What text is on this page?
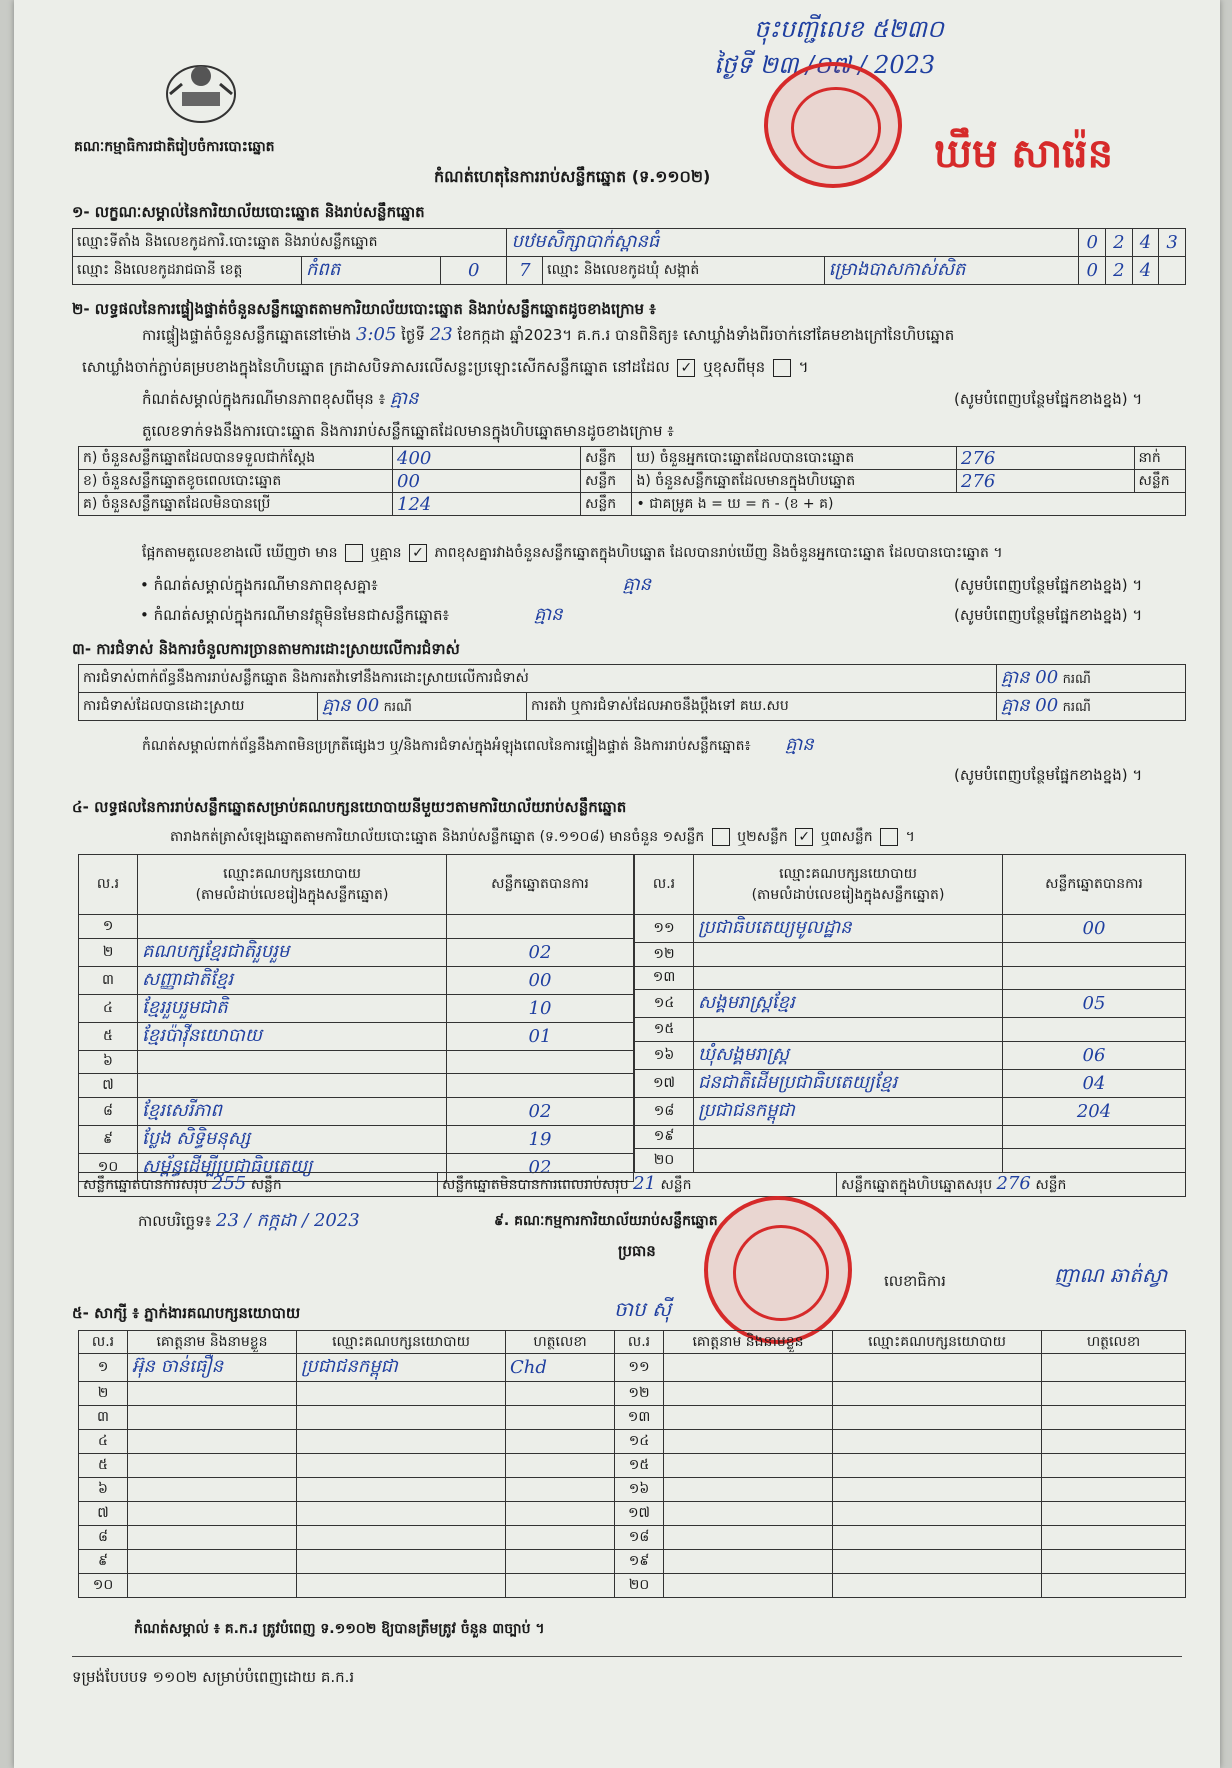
គណៈកម្មាធិការជាតិរៀបចំការបោះឆ្នោត
ចុះបញ្ជីលេខ ៥២៣០
ថ្ងៃទី ២៣ /០៧ / 2023
ឃឹម សារ៉េន
កំណត់ហេតុនៃការរាប់សន្លឹកឆ្នោត (ទ.១១០២)
១- លក្ខណៈសម្គាល់នៃការិយាល័យបោះឆ្នោត និងរាប់សន្លឹកឆ្នោត
ឈ្មោះទីតាំង និងលេខកូដការិ.បោះឆ្នោត និងរាប់សន្លឹកឆ្នោត			បឋមសិក្សាបាក់ស្ពានធំ			0	2	4	3
ឈ្មោះ និងលេខកូដរាជធានី ខេត្ត	កំពត	0	7	ឈ្មោះ និងលេខកូដឃុំ សង្កាត់	ម្រោងបាសកាស់សិត	0	2	4	
២- លទ្ធផលនៃការផ្ទៀងផ្ទាត់ចំនួនសន្លឹកឆ្នោតតាមការិយាល័យបោះឆ្នោត និងរាប់សន្លឹកឆ្នោតដូចខាងក្រោម ៖
ការផ្ទៀងផ្ទាត់ចំនួនសន្លឹកឆ្នោតនៅម៉ោង 3:05 ថ្ងៃទី 23 ខែកក្កដា ឆ្នាំ2023។ គ.ក.រ បានពិនិត្យ៖ សោឃ្លាំងទាំងពីរចាក់នៅគែមខាងក្រៅនៃហិបឆ្នោត
សោឃ្លាំងចាក់ភ្ជាប់គម្របខាងក្នុងនៃហិបឆ្នោត ក្រដាសបិទភាសរលើសន្លះប្រឡោះសើកសន្លឹកឆ្នោត នៅដដែល ✓ ឬខុសពីមុន  ។
កំណត់សម្គាល់ក្នុងករណីមានភាពខុសពីមុន ៖ គ្មាន	(សូមបំពេញបន្ថែមផ្នែកខាងខ្នង) ។
តួលេខទាក់ទងនឹងការបោះឆ្នោត និងការរាប់សន្លឹកឆ្នោតដែលមានក្នុងហិបឆ្នោតមានដូចខាងក្រោម ៖
ក) ចំនួនសន្លឹកឆ្នោតដែលបានទទួលជាក់ស្តែង	400	សន្លឹក	ឃ) ចំនួនអ្នកបោះឆ្នោតដែលបានបោះឆ្នោត	276	នាក់
ខ) ចំនួនសន្លឹកឆ្នោតខូចពេលបោះឆ្នោត	00	សន្លឹក	ង) ចំនួនសន្លឹកឆ្នោតដែលមានក្នុងហិបឆ្នោត	276	សន្លឹក
គ) ចំនួនសន្លឹកឆ្នោតដែលមិនបានប្រើ	124	សន្លឹក	• ជាគម្រូគ ង = ឃ = ក - (ខ + គ)		
ផ្អែកតាមតួលេខខាងលើ ឃើញថា មាន ឬគ្មាន ✓ ភាពខុសគ្នារវាងចំនួនសន្លឹកឆ្នោតក្នុងហិបឆ្នោត ដែលបានរាប់ឃើញ និងចំនួនអ្នកបោះឆ្នោត ដែលបានបោះឆ្នោត ។
• កំណត់សម្គាល់ក្នុងករណីមានភាពខុសគ្នា៖	គ្មាន	(សូមបំពេញបន្ថែមផ្នែកខាងខ្នង) ។
• កំណត់សម្គាល់ក្នុងករណីមានវត្ថុមិនមែនជាសន្លឹកឆ្នោត៖	គ្មាន	(សូមបំពេញបន្ថែមផ្នែកខាងខ្នង) ។
៣- ការជំទាស់ និងការចំនួលការច្រានតាមការដោះស្រាយលើការជំទាស់
ការជំទាស់ពាក់ព័ន្ធនឹងការរាប់សន្លឹកឆ្នោត និងការតវ៉ាទៅនឹងការដោះស្រាយលើការជំទាស់			គ្មាន 00 ករណី
ការជំទាស់ដែលបានដោះស្រាយ	គ្មាន 00 ករណី	ការតវ៉ា ឬការជំទាស់ដែលអាចនឹងប្តឹងទៅ គឃ.សប	គ្មាន 00 ករណី
កំណត់សម្គាល់ពាក់ព័ន្ធនឹងភាពមិនប្រក្រតីផ្សេងៗ ឬ/និងការជំទាស់ក្នុងអំឡុងពេលនៃការផ្ទៀងផ្ទាត់ និងការរាប់សន្លឹកឆ្នោត៖ គ្មាន
(សូមបំពេញបន្ថែមផ្នែកខាងខ្នង) ។
៤- លទ្ធផលនៃការរាប់សន្លឹកឆ្នោតសម្រាប់គណបក្សនយោបាយនីមួយៗតាមការិយាល័យរាប់សន្លឹកឆ្នោត
តារាងកត់ត្រាសំឡេងឆ្នោតតាមការិយាល័យបោះឆ្នោត និងរាប់សន្លឹកឆ្នោត (ទ.១១០៨) មានចំនួន ១សន្លឹក ឬ២សន្លឹក ✓ ឬ៣សន្លឹក  ។
ល.រ	ឈ្មោះគណបក្សនយោបាយ
(តាមលំដាប់លេខរៀងក្នុងសន្លឹកឆ្នោត)	សន្លឹកឆ្នោតបានការ
១		
២	គណបក្សខ្មែរជាតិរួបរួម	02
៣	សញ្ញាជាតិខ្មែរ	00
៤	ខ្មែររួបរួមជាតិ	10
៥	ខ្មែរប៉ាវ៉ីនយោបាយ	01
៦		
៧		
៨	ខ្មែរសេរីភាព	02
៩	ប្លែង សិទ្ធិមនុស្ស	19
១០	សម្ព័ន្ធដើម្បីប្រជាធិបតេយ្យ	02
ល.រ	ឈ្មោះគណបក្សនយោបាយ
(តាមលំដាប់លេខរៀងក្នុងសន្លឹកឆ្នោត)	សន្លឹកឆ្នោតបានការ
១១	ប្រជាធិបតេយ្យមូលដ្ឋាន	00
១២		
១៣		
១៤	សង្គមរាស្ត្រខ្មែរ	05
១៥		
១៦	ឃុំសង្គមរាស្ត្រ	06
១៧	ជនជាតិដើមប្រជាធិបតេយ្យខ្មែរ	04
១៨	ប្រជាជនកម្ពុជា	204
១៩		
២០		
សន្លឹកឆ្នោតបានការសរុប 255 សន្លឹក	សន្លឹកឆ្នោតមិនបានការពេលរាប់សរុប 21 សន្លឹក	សន្លឹកឆ្នោតក្នុងហិបឆ្នោតសរុប 276 សន្លឹក
កាលបរិច្ឆេទ៖ 23 / កក្កដា / 2023	៩. គណៈកម្មការការិយាល័យរាប់សន្លឹកឆ្នោត
ប្រធាន
ចាប ស៊ី
លេខាធិការ	ញាណ ឆាត់ស្វា
៥- សាក្សី ៖ ភ្នាក់ងារគណបក្សនយោបាយ
ល.រ	គោត្តនាម និងនាមខ្លួន	ឈ្មោះគណបក្សនយោបាយ	ហត្ថលេខា	ល.រ	គោត្តនាម និងនាមខ្លួន	ឈ្មោះគណបក្សនយោបាយ	ហត្ថលេខា
១	អ៊ុន ចាន់ធឿន	ប្រជាជនកម្ពុជា	Chd	១១			
២				១២			
៣				១៣			
៤				១៤			
៥				១៥			
៦				១៦			
៧				១៧			
៨				១៨			
៩				១៩			
១០				២០			
កំណត់សម្គាល់ ៖ គ.ក.រ ត្រូវបំពេញ ទ.១១០២ ឱ្យបានត្រឹមត្រូវ ចំនួន ៣ច្បាប់ ។
ទម្រង់បែបបទ ១១០២ សម្រាប់បំពេញដោយ គ.ក.រ
